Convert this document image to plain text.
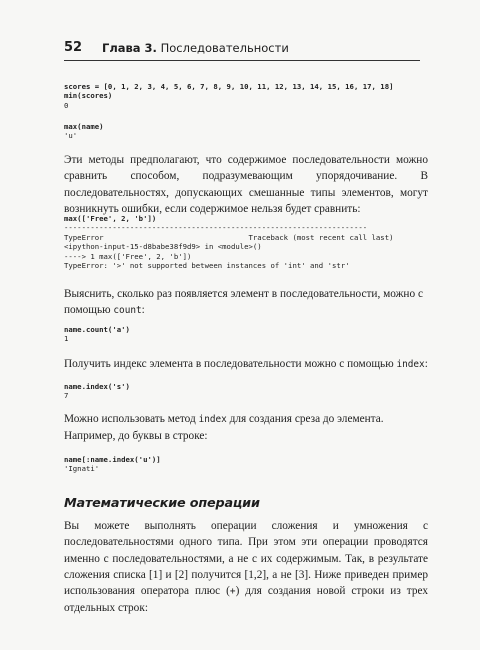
52 Глава 3. Последовательности
scores = [0, 1, 2, 3, 4, 5, 6, 7, 8, 9, 10, 11, 12, 13, 14, 15, 16, 17, 18]
min(scores)
0
max(name)
'u'

Эти методы предполагают, что содержимое последовательности можно сравнить способом, подразумевающим упорядочивание. В последовательностях, допускающих смешанные типы элементов, могут возникнуть ошибки, если содержимое нельзя будет сравнить:

max(['Free', 2, 'b'])
---------------------------------------------------------------------
TypeError                                 Traceback (most recent call last)
<ipython-input-15-d8babe38f9d9> in <module>()
----> 1 max(['Free', 2, 'b'])
TypeError: '>' not supported between instances of 'int' and 'str'

Выяснить, сколько раз появляется элемент в последовательности, можно с помощью count:

name.count('a')
1

Получить индекс элемента в последовательности можно с помощью index:

name.index('s')
7

Можно использовать метод index для создания среза до элемента. Например, до буквы в строке:

name[:name.index('u')]
'Ignati'
Математические операции

Вы можете выполнять операции сложения и умножения с последовательностями одного типа. При этом эти операции проводятся именно с последовательностями, а не с их содержимым. Так, в результате сложения списка [1] и [2] получится [1,2], а не [3]. Ниже приведен пример использования оператора плюс (+) для создания новой строки из трех отдельных строк:
